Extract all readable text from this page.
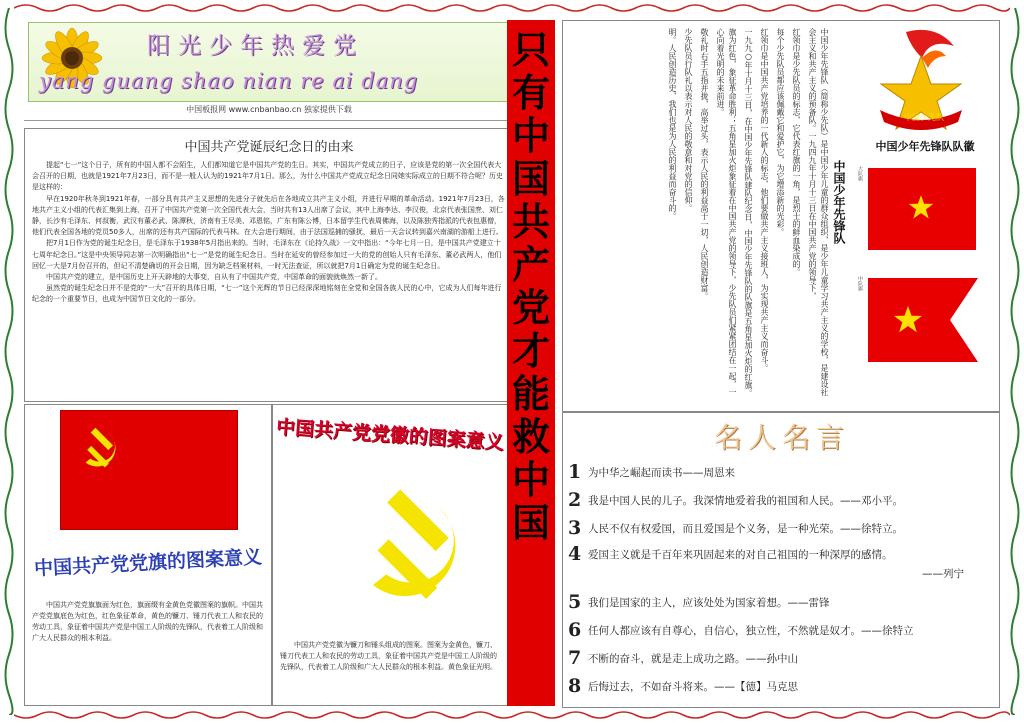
阳光少年热爱党
yang guang shao nian re ai dang
中国板报网 www.cnbanbao.cn 独家提供下载
中国共产党诞辰纪念日的由来

提起“七一”这个日子，所有的中国人都不会陌生，人们都知道它是中国共产党的生日。其实，中国共产党成立的日子，应该是党的第一次全国代表大会召开的日期，也就是1921年7月23日，而不是一般人认为的1921年7月1日。那么，为什么中国共产党成立纪念日同她实际成立的日期不符合呢？历史是这样的：

早在1920年秋冬到1921年春，一部分具有共产主义思想的先进分子就先后在各地成立共产主义小组，并进行早期的革命活动。1921年7月23日，各地共产主义小组的代表汇集到上海，召开了中国共产党第一次全国代表大会，当时共有13人出席了会议，其中上海李达、李汉俊，北京代表张国焘、刘仁静，长沙有毛泽东、何叔衡，武汉有董必武、陈潭秋，济南有王尽美、邓恩铭，广东有陈公博，日本留学生代表周佛海，以及陈独秀指派的代表包惠僧，他们代表全国各地的党员50多人，出席的还有共产国际的代表马林。在大会进行期间，由于法国巡捕的骚扰，最后一天会议转到嘉兴南湖的游船上进行。

把7月1日作为党的诞生纪念日，是毛泽东于1938年5月指出来的。当时，毛泽东在《论持久战》一文中指出：“今年七月一日，是中国共产党建立十七周年纪念日。”这是中央领导同志第一次明确指出“七一”是党的诞生纪念日。当时在延安的曾经参加过一大的党的创始人只有毛泽东、董必武两人，他们回忆一大是7月份召开的，但记不清楚确切的开会日期，因为缺乏档案材料，一时无法查证，所以就把7月1日确定为党的诞生纪念日。

中国共产党的建立，是中国历史上开天辟地的大事变，自从有了中国共产党，中国革命的面貌就焕然一新了。

虽然党的诞生纪念日并不是党的“一大”召开的具体日期，“七一”这个光辉的节日已经深深地铭刻在全党和全国各族人民的心中，它成为人们每年进行纪念的一个重要节日，也成为中国节日文化的一部分。

中国共产党党旗的图案意义
中国共产党党旗旗面为红色，旗面缀有金黄色党徽图案的旗帜。中国共产党党旗底色为红色，红色象征革命，黄色的镰刀、锤刀代表工人和农民的劳动工具，象征着中国共产党是中国工人阶级的先锋队，代表着工人阶级和广大人民群众的根本利益。
中国共产党党徽的图案意义
中国共产党党徽为镰刀和锤头组成的图案。图案为金黄色，镰刀、锤刀代表工人和农民的劳动工具，象征着中国共产党是中国工人阶级的先锋队，代表着工人阶级和广大人民群众的根本利益。黄色象征光明。
只
有
中
国
共
产
党
才
能
救
中
国
中国少年先锋队（简称少先队）是中国少年儿童的群众组织，是少年儿童学习共产主义的学校，是建设社会主义和共产主义的预备队。一九四九年十月十三日在中国共产党的领导下，
红领巾是少先队员的标志，它代表红旗的一角，是烈士的鲜血染成的。
每个少先队员都应该佩戴它和爱护它，为它增添新的光彩。
红领巾是中国共产党培养的一代新人的标志，他们要做共产主义接班人，为实现共产主义而奋斗。
一九九○年十月十三日，在中国少年先锋队建队纪念日，中国少年先锋队的队旗是五角星加火炬的红旗。
旗为红色，象征革命胜利；五角星加火炬象征着在中国共产党的领导下，少先队员们紧紧团结在一起，一心向着光明的未来前进。
敬礼时右手五指并拢，高举过头，表示人民的利益高于一切，人民创造财富。
少先队员行队礼以表示对人民的敬意和对党的信仰。
明。人民创造历史，我们也是为人民的利益而奋斗的。	中国少先队
中国少年先锋队队徽
中国少年先锋队	大队旗
中队旗
名人名言
1 为中华之崛起而读书——周恩来
2 我是中国人民的儿子。我深情地爱着我的祖国和人民。——邓小平。
3 人民不仅有权爱国，而且爱国是个义务，是一种光荣。——徐特立。
4 爱国主义就是千百年来巩固起来的对自己祖国的一种深厚的感情。
——列宁
5 我们是国家的主人，应该处处为国家着想。——雷锋
6 任何人都应该有自尊心，自信心，独立性，不然就是奴才。——徐特立
7 不断的奋斗，就是走上成功之路。——孙中山
8 后悔过去，不如奋斗将来。——【德】马克思
